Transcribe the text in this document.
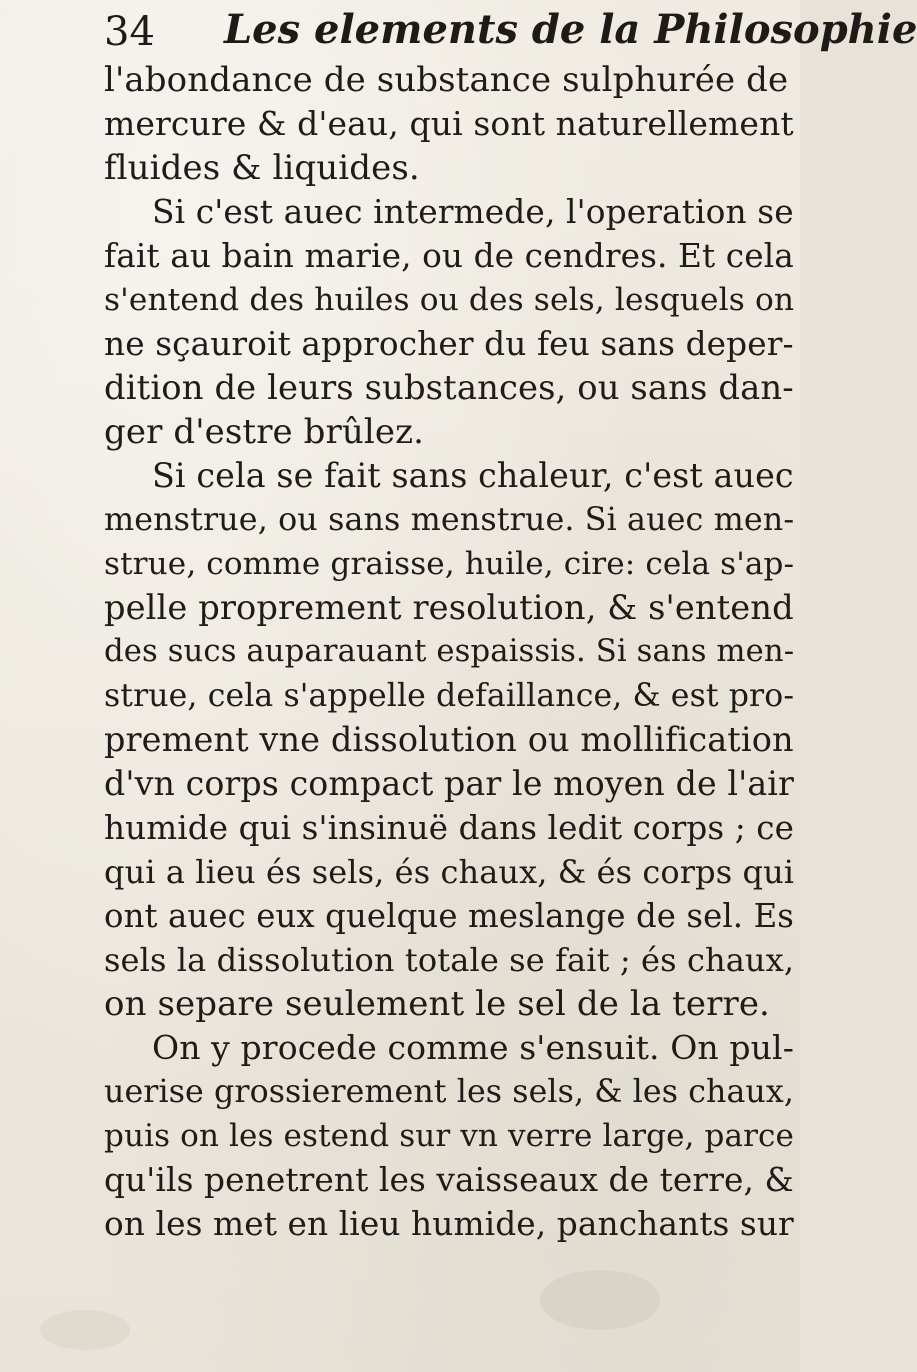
34 Les elements de la Philosophie

l'abondance de substance sulphurée de

mercure & d'eau, qui sont naturellement

fluides & liquides.

Si c'est auec intermede, l'operation se

fait au bain marie, ou de cendres. Et cela

s'entend des huiles ou des sels, lesquels on

ne sçauroit approcher du feu sans deper-

dition de leurs substances, ou sans dan-

ger d'estre brûlez.

Si cela se fait sans chaleur, c'est auec

menstrue, ou sans menstrue. Si auec men-

strue, comme graisse, huile, cire: cela s'ap-

pelle proprement resolution, & s'entend

des sucs auparauant espaissis. Si sans men-

strue, cela s'appelle defaillance, & est pro-

prement vne dissolution ou mollification

d'vn corps compact par le moyen de l'air

humide qui s'insinuë dans ledit corps ; ce

qui a lieu és sels, és chaux, & és corps qui

ont auec eux quelque meslange de sel. Es

sels la dissolution totale se fait ; és chaux,

on separe seulement le sel de la terre.

On y procede comme s'ensuit. On pul-

uerise grossierement les sels, & les chaux,

puis on les estend sur vn verre large, parce

qu'ils penetrent les vaisseaux de terre, &

on les met en lieu humide, panchants sur
